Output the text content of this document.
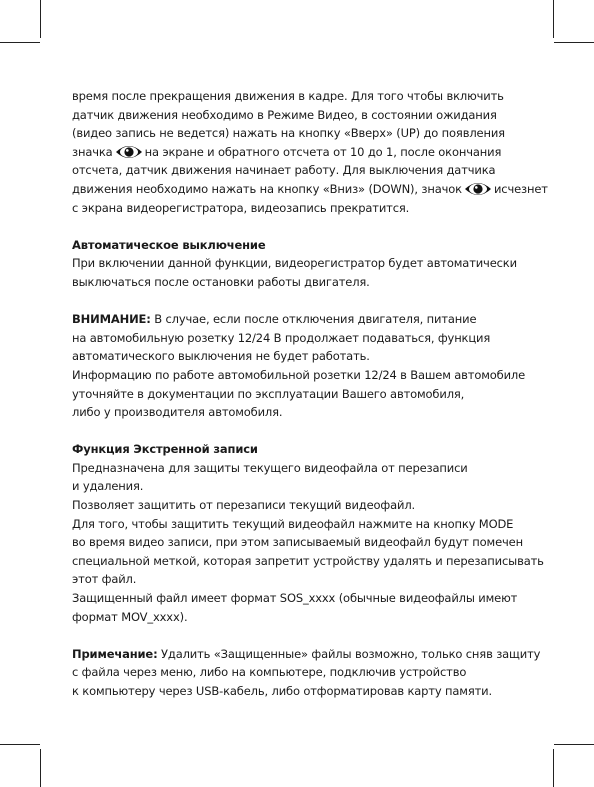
время после прекращения движения в кадре. Для того чтобы включить
датчик движения необходимо в Режиме Видео, в состоянии ожидания
(видео запись не ведется) нажать на кнопку «Вверх» (UP) до появления
значка	на экране и обратного отсчета от 10 до 1, после окончания
отсчета, датчик движения начинает работу. Для выключения датчика
движения необходимо нажать на кнопку «Вниз» (DOWN), значок	исчезнет
с экрана видеорегистратора, видеозапись прекратится.
Автоматическое выключение
При включении данной функции, видеорегистратор будет автоматически
выключаться после остановки работы двигателя.
ВНИМАНИЕ: В случае, если после отключения двигателя, питание
на автомобильную розетку 12/24 В продолжает подаваться, функция
автоматического выключения не будет работать.
Информацию по работе автомобильной розетки 12/24 в Вашем автомобиле
уточняйте в документации по эксплуатации Вашего автомобиля,
либо у производителя автомобиля.
Функция Экстренной записи
Предназначена для защиты текущего видеофайла от перезаписи
и удаления.
Позволяет защитить от перезаписи текущий видеофайл.
Для того, чтобы защитить текущий видеофайл нажмите на кнопку MODE
во время видео записи, при этом записываемый видеофайл будут помечен
специальной меткой, которая запретит устройству удалять и перезаписывать
этот файл.
Защищенный файл имеет формат SOS_xxxx (обычные видеофайлы имеют
формат MOV_xxxx).
Примечание: Удалить «Защищенные» файлы возможно, только сняв защиту
с файла через меню, либо на компьютере, подключив устройство
к компьютеру через USB-кабель, либо отформатировав карту памяти.
